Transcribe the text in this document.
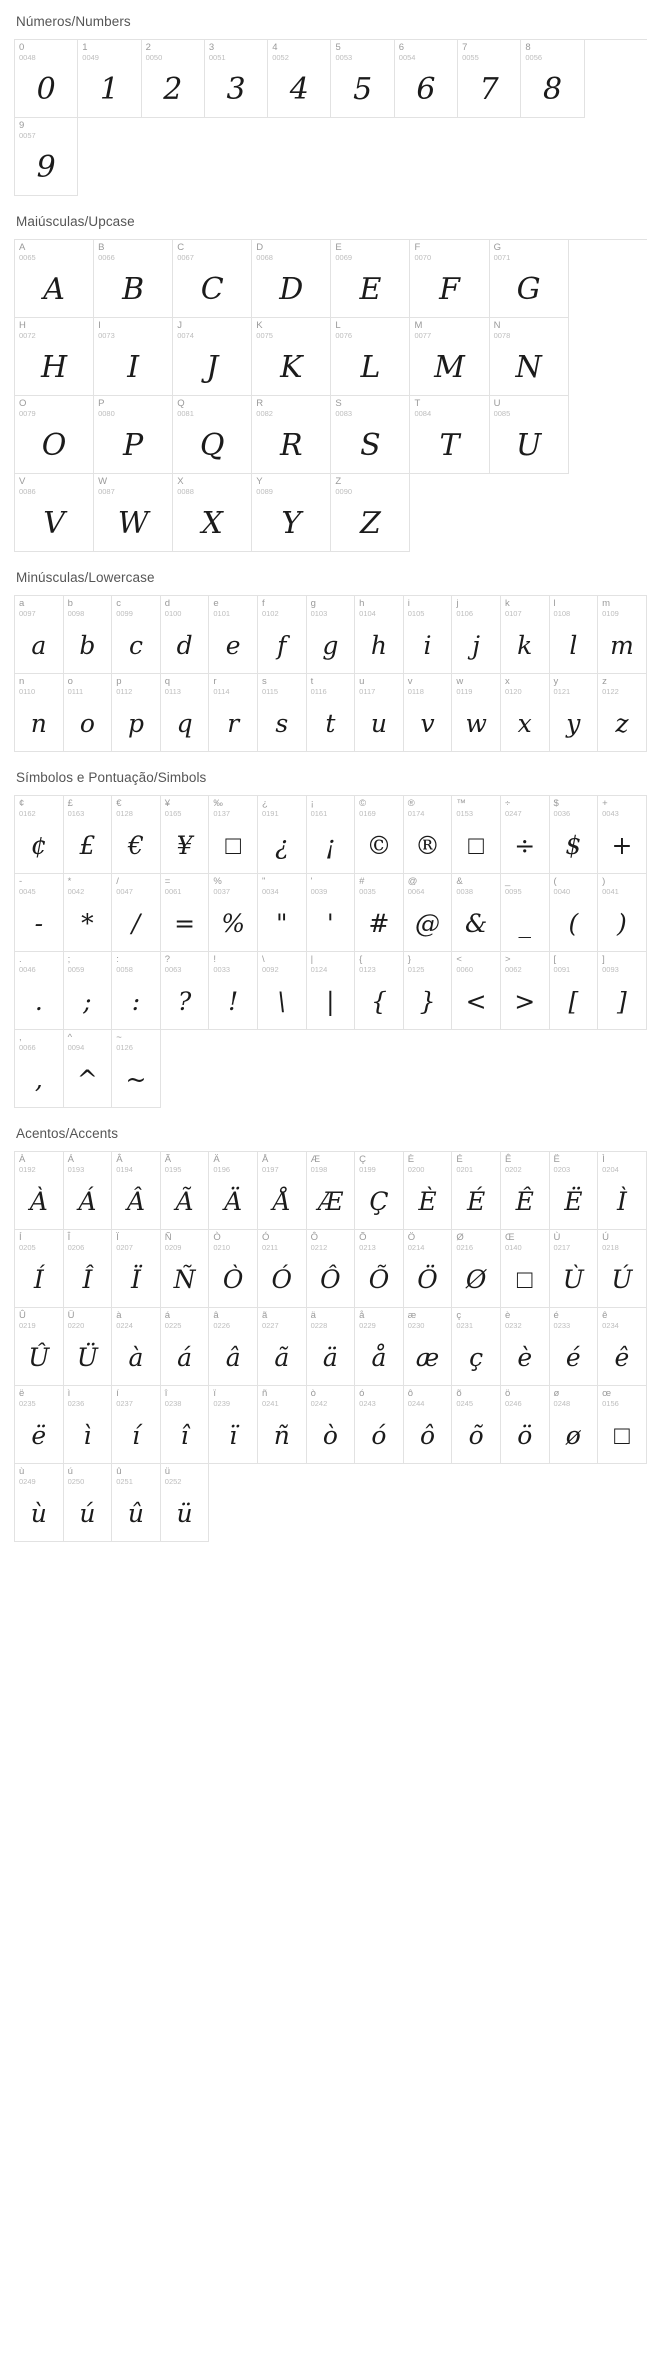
Números/Numbers
0
0048
0
1
0049
1
2
0050
2
3
0051
3
4
0052
4
5
0053
5
6
0054
6
7
0055
7
8
0056
8
9
0057
9
Maiúsculas/Upcase
A
0065
A
B
0066
B
C
0067
C
D
0068
D
E
0069
E
F
0070
F
G
0071
G
H
0072
H
I
0073
I
J
0074
J
K
0075
K
L
0076
L
M
0077
M
N
0078
N
O
0079
O
P
0080
P
Q
0081
Q
R
0082
R
S
0083
S
T
0084
T
U
0085
U
V
0086
V
W
0087
W
X
0088
X
Y
0089
Y
Z
0090
Z
Minúsculas/Lowercase
a
0097
a
b
0098
b
c
0099
c
d
0100
d
e
0101
e
f
0102
f
g
0103
g
h
0104
h
i
0105
i
j
0106
j
k
0107
k
l
0108
l
m
0109
m
n
0110
n
o
0111
o
p
0112
p
q
0113
q
r
0114
r
s
0115
s
t
0116
t
u
0117
u
v
0118
v
w
0119
w
x
0120
x
y
0121
y
z
0122
z
Símbolos e Pontuação/Simbols
¢
0162
¢
£
0163
£
€
0128
€
¥
0165
¥
‰
0137
□
¿
0191
¿
¡
0161
¡
©
0169
©
®
0174
®
™
0153
□
÷
0247
÷
$
0036
$
+
0043
+
-
0045
-
*
0042
*
/
0047
/
=
0061
=
%
0037
%
"
0034
"
'
0039
'
#
0035
#
@
0064
@
&
0038
&
_
0095
_
(
0040
(
)
0041
)
.
0046
.
;
0059
;
:
0058
:
?
0063
?
!
0033
!
\
0092
\
|
0124
|
{
0123
{
}
0125
}
<
0060
<
>
0062
>
[
0091
[
]
0093
]
,
0066
,
^
0094
^
~
0126
~
Acentos/Accents
À
0192
À
Á
0193
Á
Â
0194
Â
Ã
0195
Ã
Ä
0196
Ä
Å
0197
Å
Æ
0198
Æ
Ç
0199
Ç
È
0200
È
É
0201
É
Ê
0202
Ê
Ë
0203
Ë
Ì
0204
Ì
Í
0205
Í
Î
0206
Î
Ï
0207
Ï
Ñ
0209
Ñ
Ò
0210
Ò
Ó
0211
Ó
Ô
0212
Ô
Õ
0213
Õ
Ö
0214
Ö
Ø
0216
Ø
Œ
0140
□
Ù
0217
Ù
Ú
0218
Ú
Û
0219
Û
Ü
0220
Ü
à
0224
à
á
0225
á
â
0226
â
ã
0227
ã
ä
0228
ä
å
0229
å
æ
0230
æ
ç
0231
ç
è
0232
è
é
0233
é
ê
0234
ê
ë
0235
ë
ì
0236
ì
í
0237
í
î
0238
î
ï
0239
ï
ñ
0241
ñ
ò
0242
ò
ó
0243
ó
ô
0244
ô
õ
0245
õ
ö
0246
ö
ø
0248
ø
œ
0156
□
ù
0249
ù
ú
0250
ú
û
0251
û
ü
0252
ü
